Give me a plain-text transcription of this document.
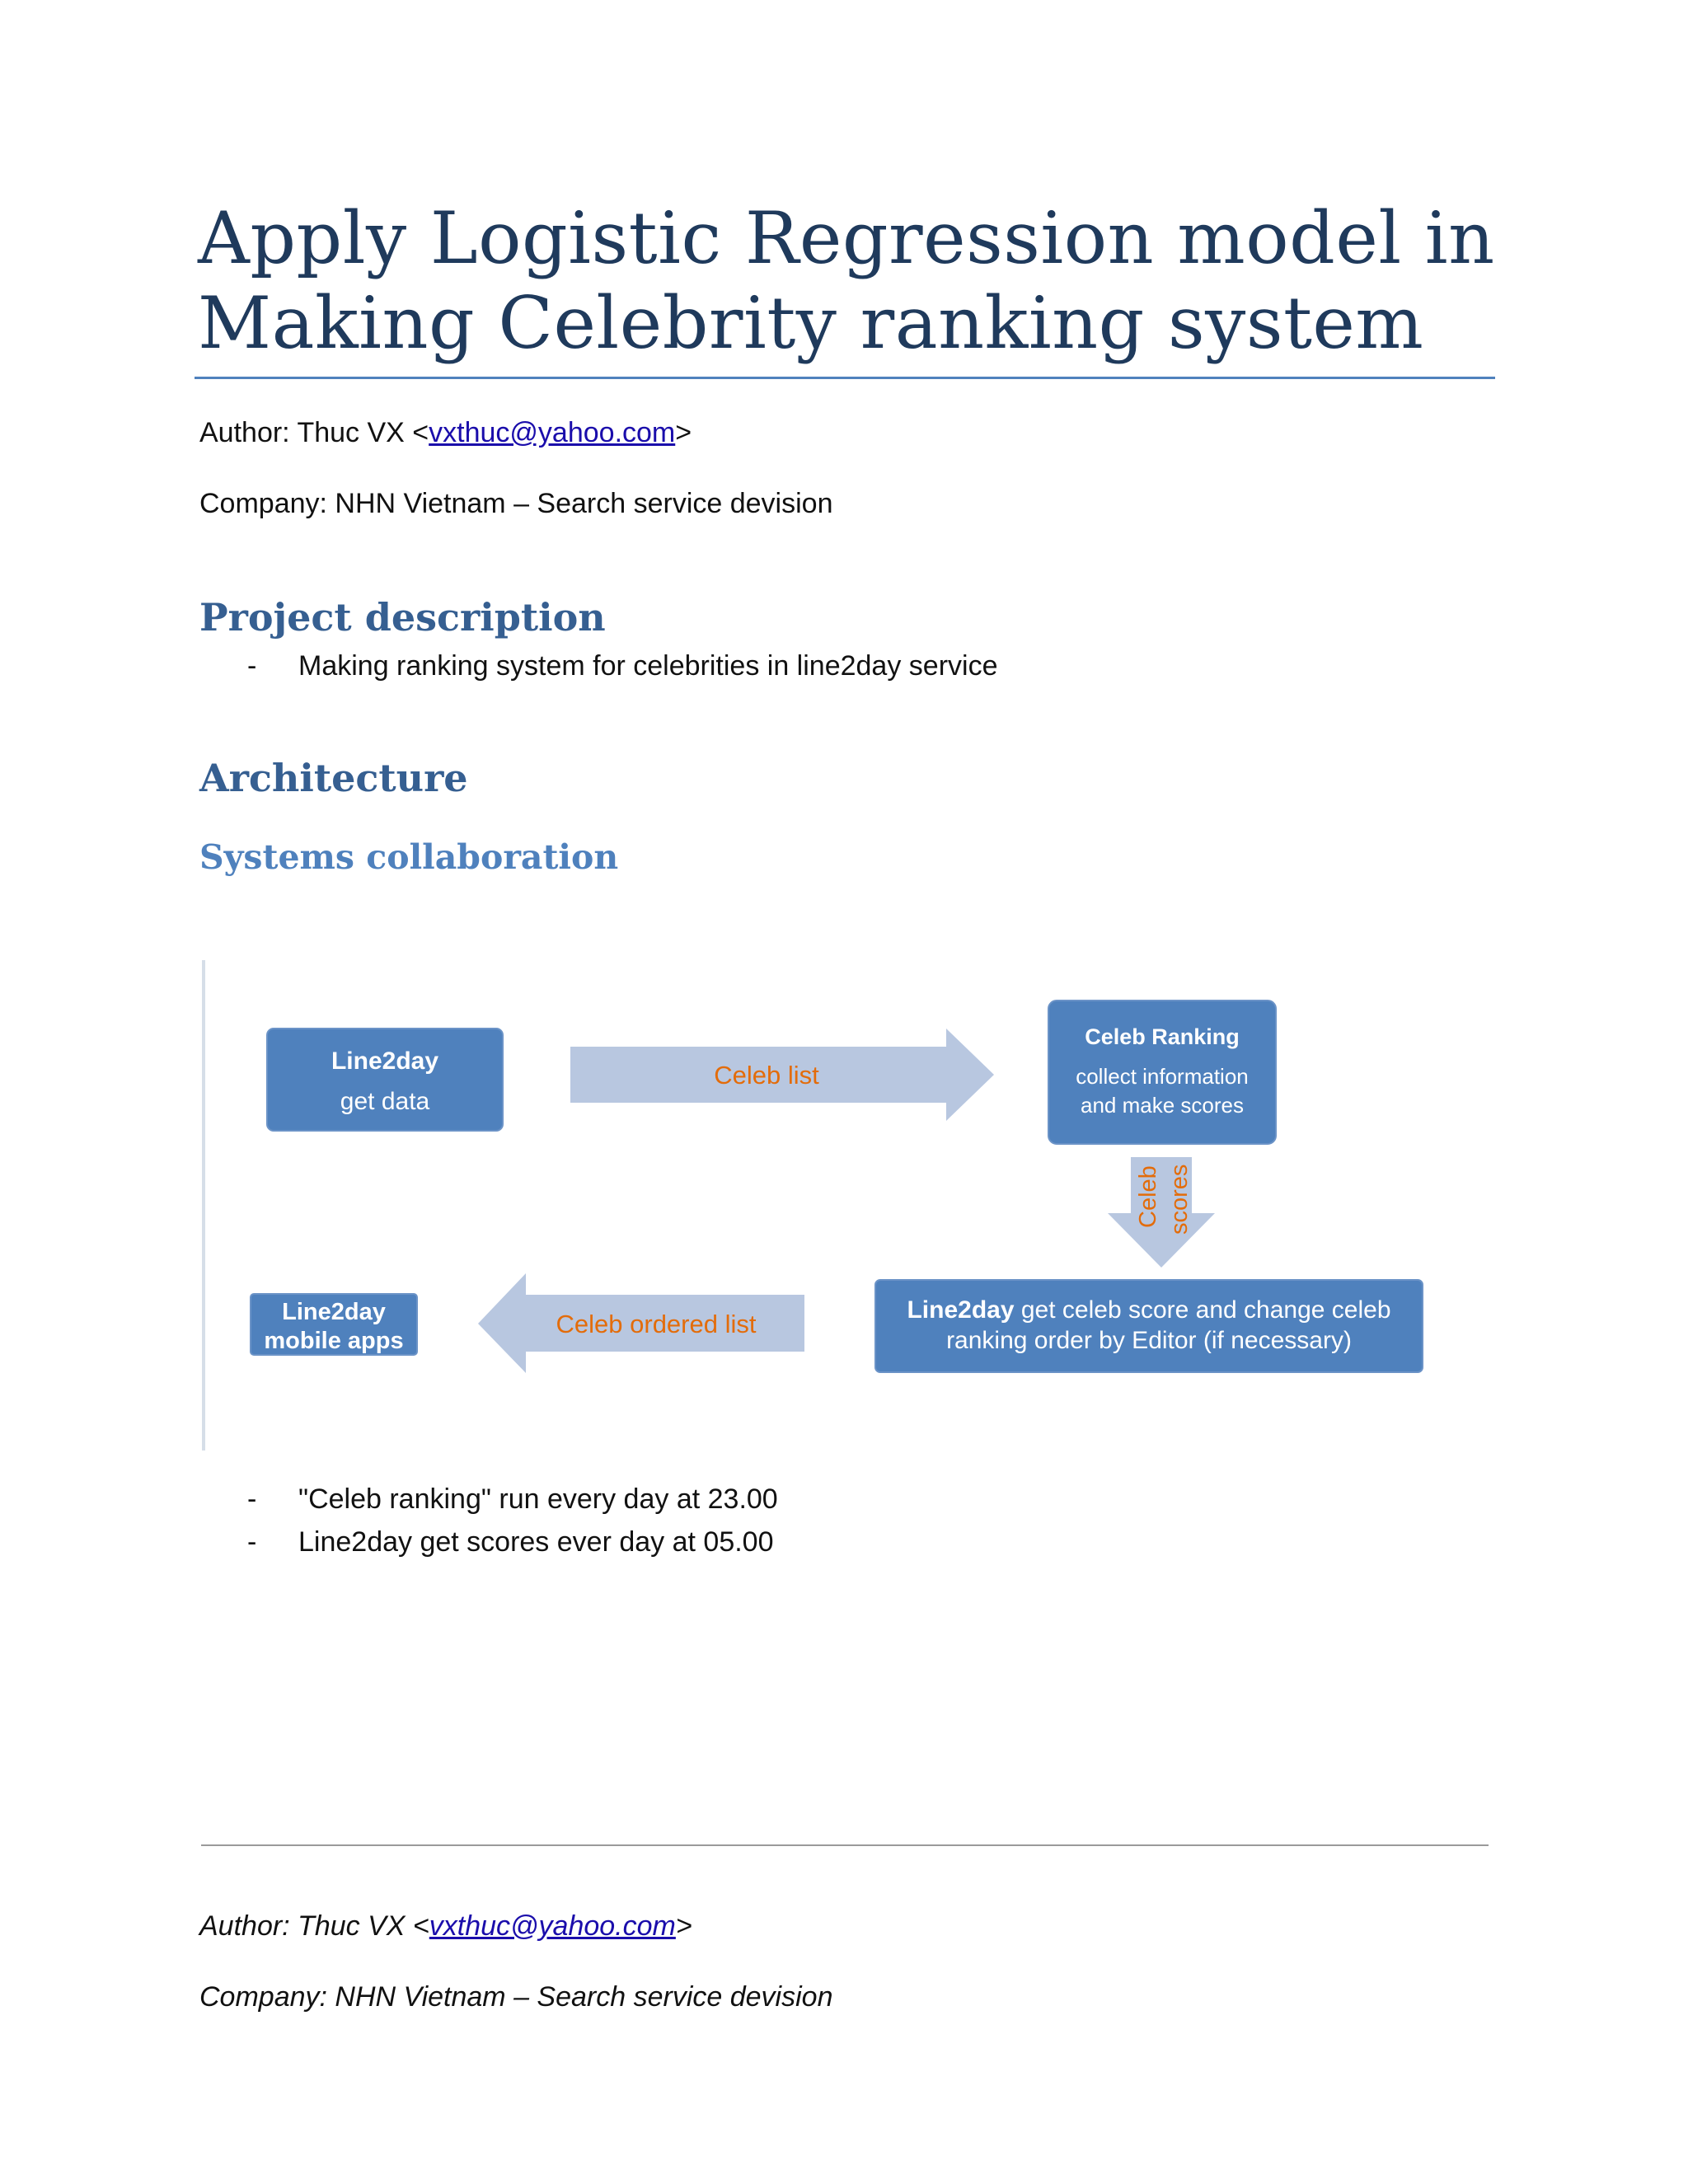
Apply Logistic Regression model in
Making Celebrity ranking system
Author: Thuc VX <vxthuc@yahoo.com>
Company: NHN Vietnam – Search service devision
Project description
- Making ranking system for celebrities in line2day service
Architecture
Systems collaboration
Line2day
get data
Celeb list
Celeb Ranking
collect information
and make scores
Celeb scores
Line2day get celeb score and change celeb
ranking order by Editor (if necessary)
Celeb ordered list
Line2day
mobile apps
- "Celeb ranking" run every day at 23.00
- Line2day get scores ever day at 05.00
Author: Thuc VX <vxthuc@yahoo.com>
Company: NHN Vietnam – Search service devision
